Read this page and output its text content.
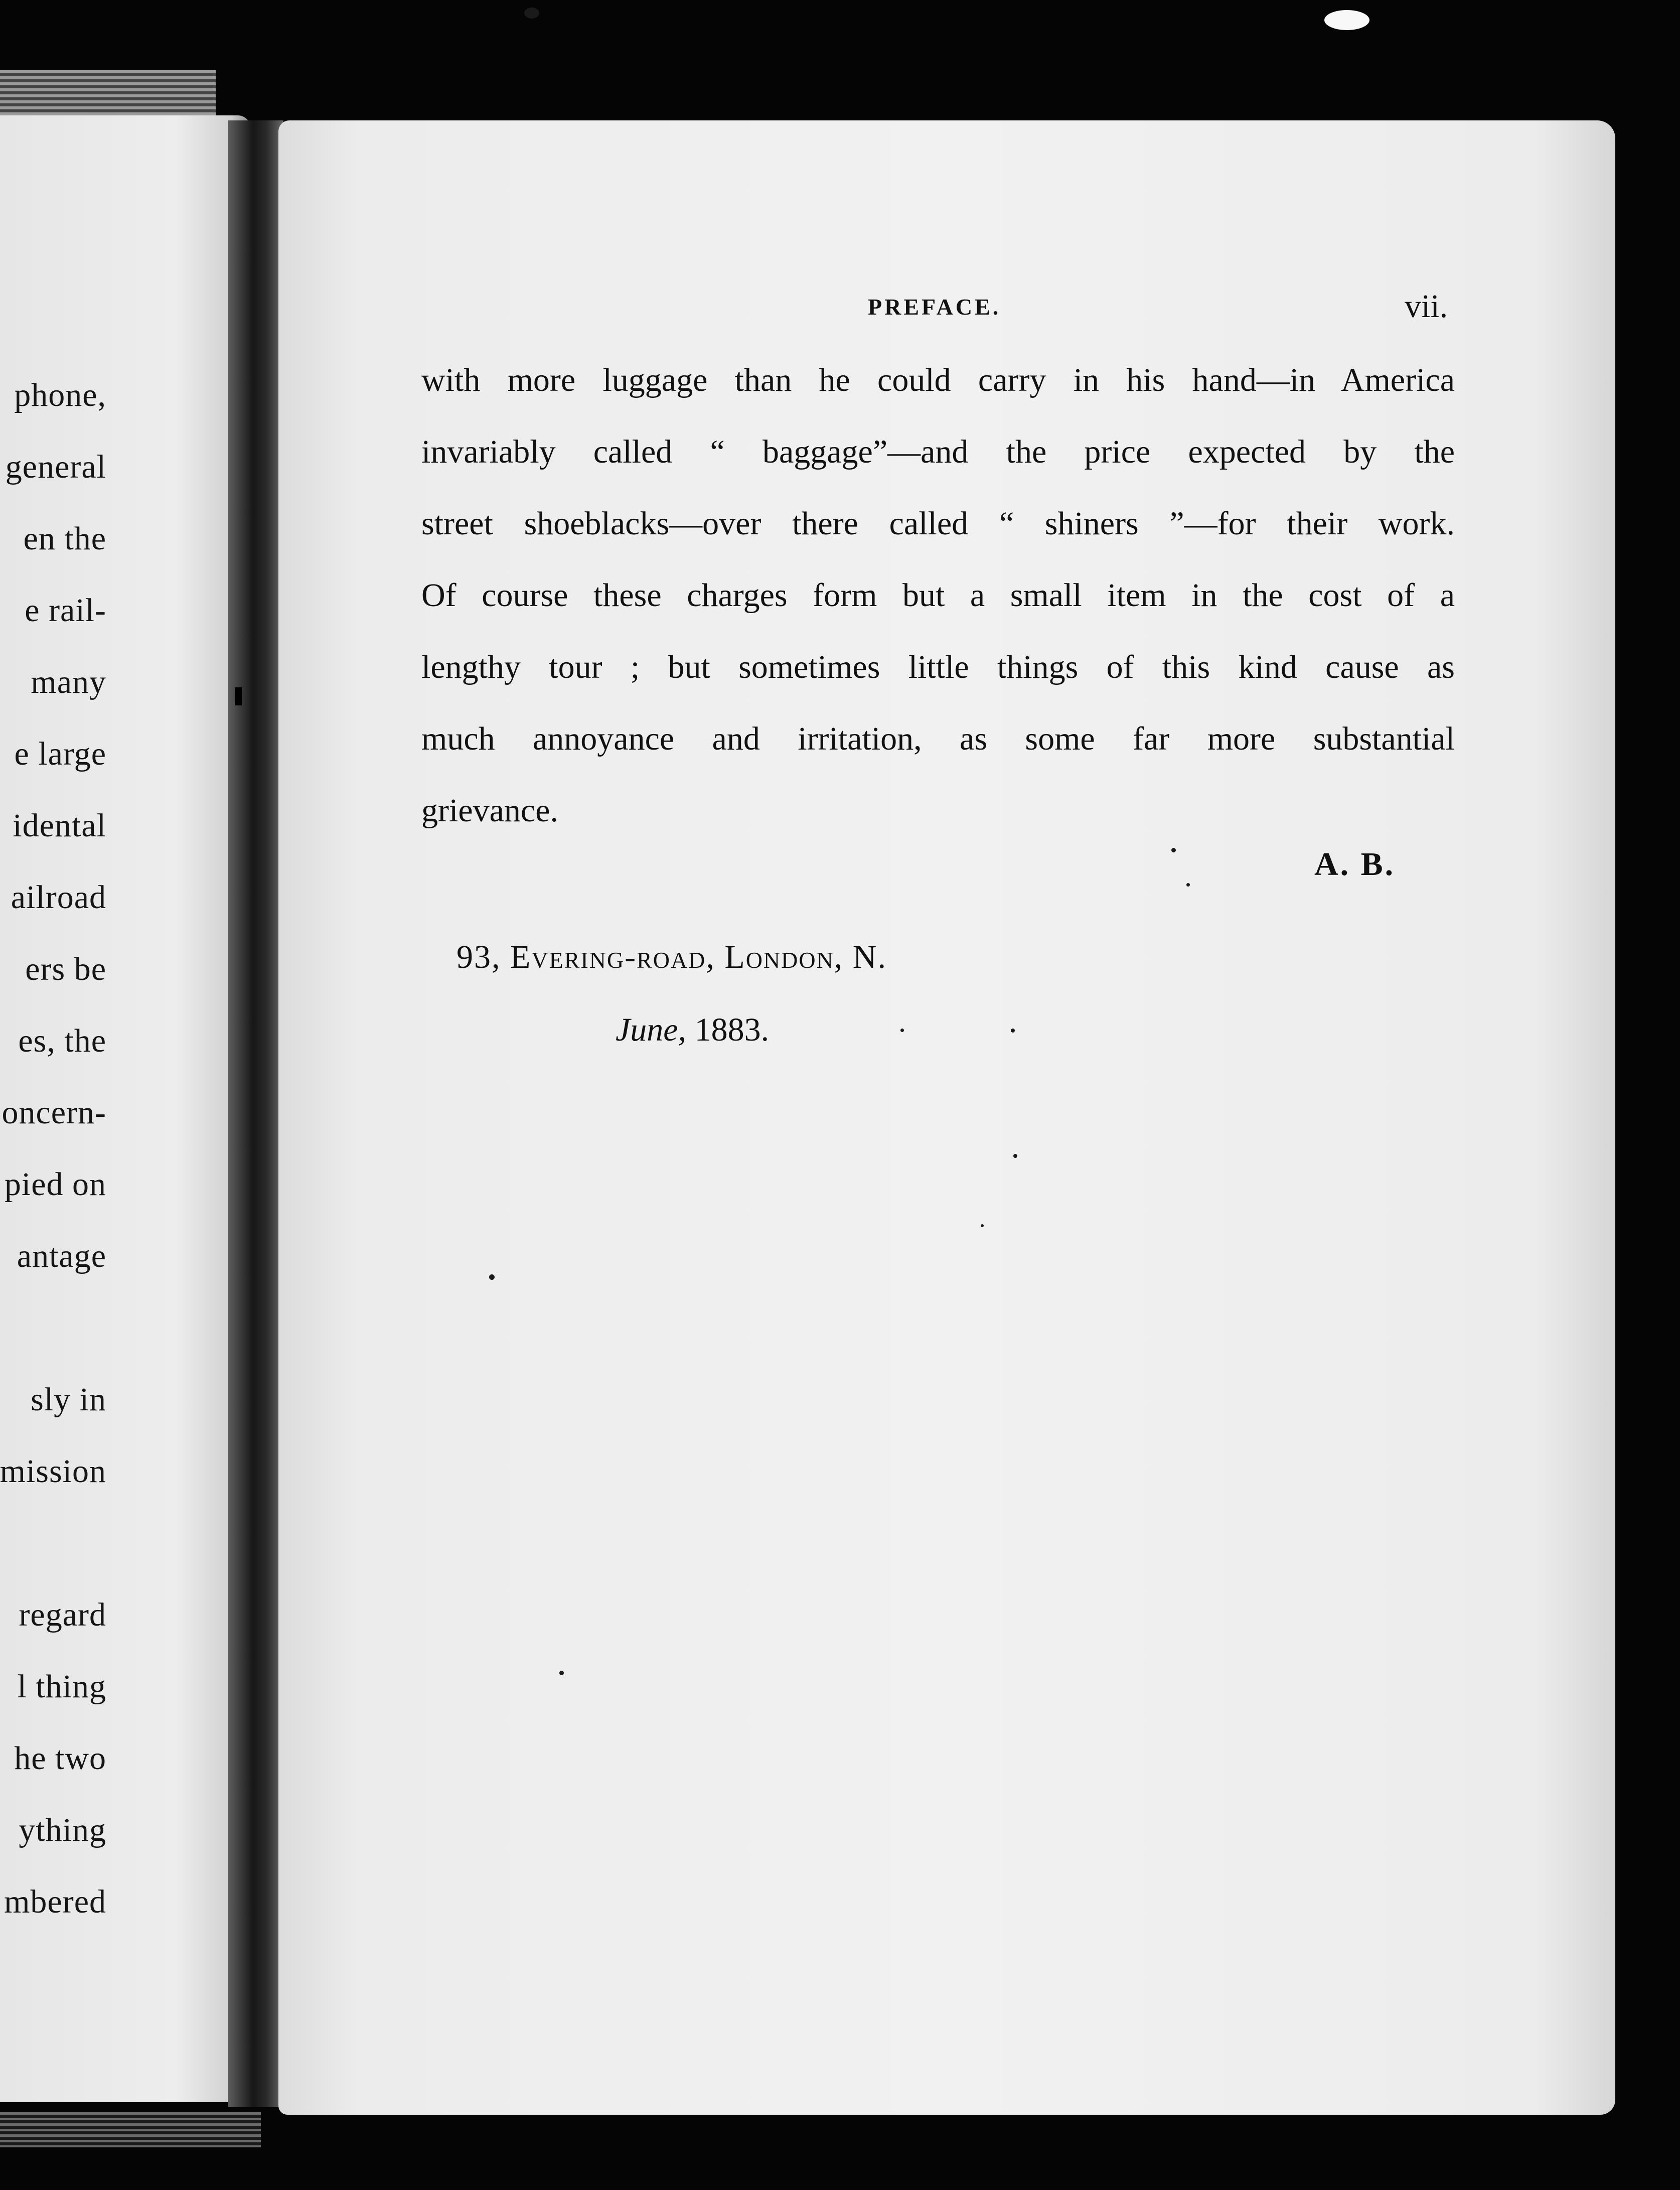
phone,
general
en the
e rail-
many
e large
idental
ailroad
ers be
es, the
oncern-
pied on
antage
sly in
mission
regard
l thing
he two
ything
mbered
PREFACE.	vii.
with more luggage than he could carry in his hand—in America
invariably called “ baggage”—and the price expected by the
street shoeblacks—over there called “ shiners ”—for their work.
Of course these charges form but a small item in the cost of a
lengthy tour ; but sometimes little things of this kind cause as
much annoyance and irritation, as some far more substantial
grievance.
A. B.
93, Evering-road, London, N.
June, 1883.
